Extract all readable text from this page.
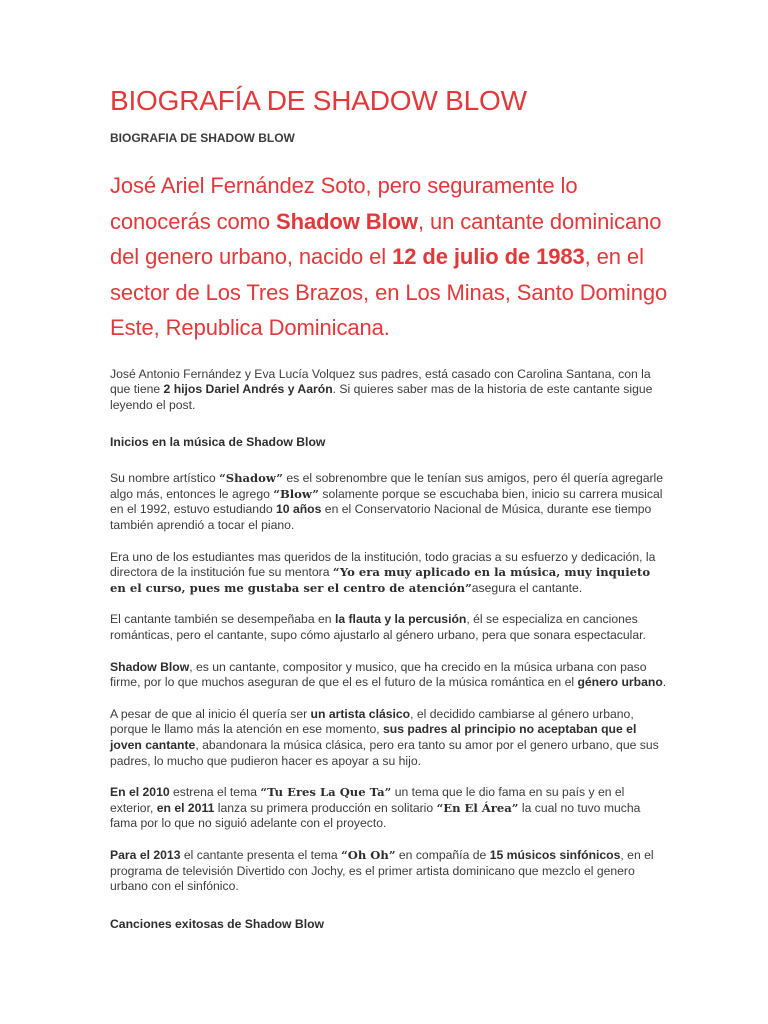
BIOGRAFÍA DE SHADOW BLOW
BIOGRAFIA DE SHADOW BLOW

José Ariel Fernández Soto, pero seguramente lo conocerás como Shadow Blow, un cantante dominicano del genero urbano, nacido el 12 de julio de 1983, en el sector de Los Tres Brazos, en Los Minas, Santo Domingo Este, Republica Dominicana.

José Antonio Fernández y Eva Lucía Volquez sus padres, está casado con Carolina Santana, con la que tiene 2 hijos Dariel Andrés y Aarón. Si quieres saber mas de la historia de este cantante sigue leyendo el post.

Inicios en la música de Shadow Blow

Su nombre artístico “Shadow” es el sobrenombre que le tenían sus amigos, pero él quería agregarle algo más, entonces le agrego “Blow” solamente porque se escuchaba bien, inicio su carrera musical en el 1992, estuvo estudiando 10 años en el Conservatorio Nacional de Música, durante ese tiempo también aprendió a tocar el piano.

Era uno de los estudiantes mas queridos de la institución, todo gracias a su esfuerzo y dedicación, la directora de la institución fue su mentora “Yo era muy aplicado en la música, muy inquieto en el curso, pues me gustaba ser el centro de atención”asegura el cantante.

El cantante también se desempeñaba en la flauta y la percusión, él se especializa en canciones románticas, pero el cantante, supo cómo ajustarlo al género urbano, pera que sonara espectacular.

Shadow Blow, es un cantante, compositor y musico, que ha crecido en la música urbana con paso firme, por lo que muchos aseguran de que el es el futuro de la música romántica en el género urbano.

A pesar de que al inicio él quería ser un artista clásico, el decidido cambiarse al género urbano, porque le llamo más la atención en ese momento, sus padres al principio no aceptaban que el joven cantante, abandonara la música clásica, pero era tanto su amor por el genero urbano, que sus padres, lo mucho que pudieron hacer es apoyar a su hijo.

En el 2010 estrena el tema “Tu Eres La Que Ta” un tema que le dio fama en su país y en el exterior, en el 2011 lanza su primera producción en solitario “En El Área” la cual no tuvo mucha fama por lo que no siguió adelante con el proyecto.

Para el 2013 el cantante presenta el tema “Oh Oh” en compañía de 15 músicos sinfónicos, en el programa de televisión Divertido con Jochy, es el primer artista dominicano que mezclo el genero urbano con el sinfónico.

Canciones exitosas de Shadow Blow
